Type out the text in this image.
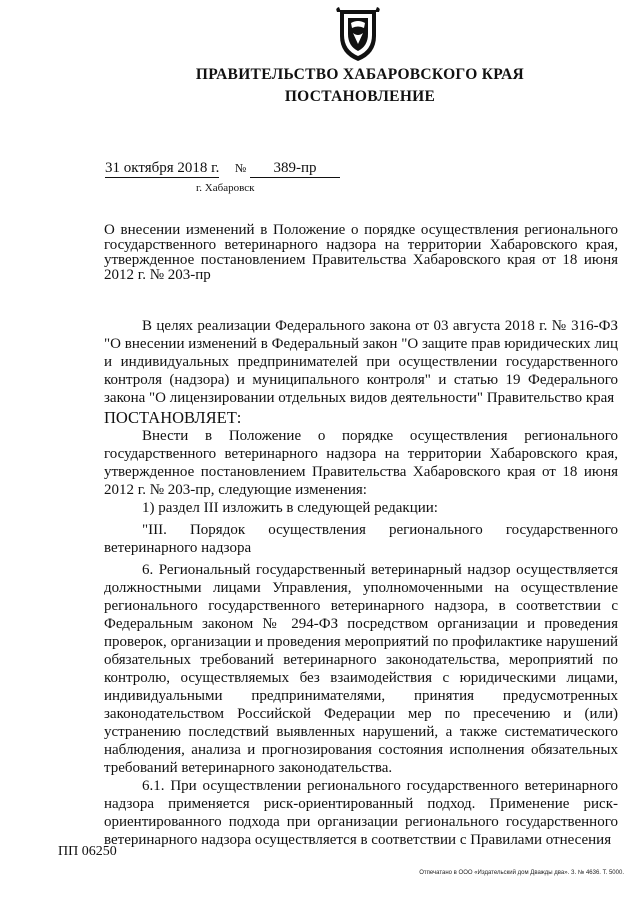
ПРАВИТЕЛЬСТВО ХАБАРОВСКОГО КРАЯ
ПОСТАНОВЛЕНИЕ
31 октября 2018 г. № 389-пр
г. Хабаровск
О внесении изменений в Положение о порядке осуществления регионального государственного ветеринарного надзора на территории Хабаровского края, утвержденное постановлением Правительства Хабаровского края от 18 июня 2012 г. № 203-пр

В целях реализации Федерального закона от 03 августа 2018 г. № 316-ФЗ "О внесении изменений в Федеральный закон "О защите прав юридических лиц и индивидуальных предпринимателей при осуществлении государственного контроля (надзора) и муниципального контроля" и статью 19 Федерального закона "О лицензировании отдельных видов деятельности" Правительство края

ПОСТАНОВЛЯЕТ:

Внести в Положение о порядке осуществления регионального государственного ветеринарного надзора на территории Хабаровского края, утвержденное постановлением Правительства Хабаровского края от 18 июня 2012 г. № 203-пр, следующие изменения:

1) раздел III изложить в следующей редакции:

"III. Порядок осуществления регионального государственного ветеринарного надзора

6. Региональный государственный ветеринарный надзор осуществляется должностными лицами Управления, уполномоченными на осуществление регионального государственного ветеринарного надзора, в соответствии с Федеральным законом № 294-ФЗ посредством организации и проведения проверок, организации и проведения мероприятий по профилактике нарушений обязательных требований ветеринарного законодательства, мероприятий по контролю, осуществляемых без взаимодействия с юридическими лицами, индивидуальными предпринимателями, принятия предусмотренных законодательством Российской Федерации мер по пресечению и (или) устранению последствий выявленных нарушений, а также систематического наблюдения, анализа и прогнозирования состояния исполнения обязательных требований ветеринарного законодательства.

6.1. При осуществлении регионального государственного ветеринарного надзора применяется риск-ориентированный подход. Применение риск-ориентированного подхода при организации регионального государственного ветеринарного надзора осуществляется в соответствии с Правилами отнесения

ПП 06250
Отпечатано в ООО «Издательский дом Дважды два». З. № 4636. Т. 5000.
